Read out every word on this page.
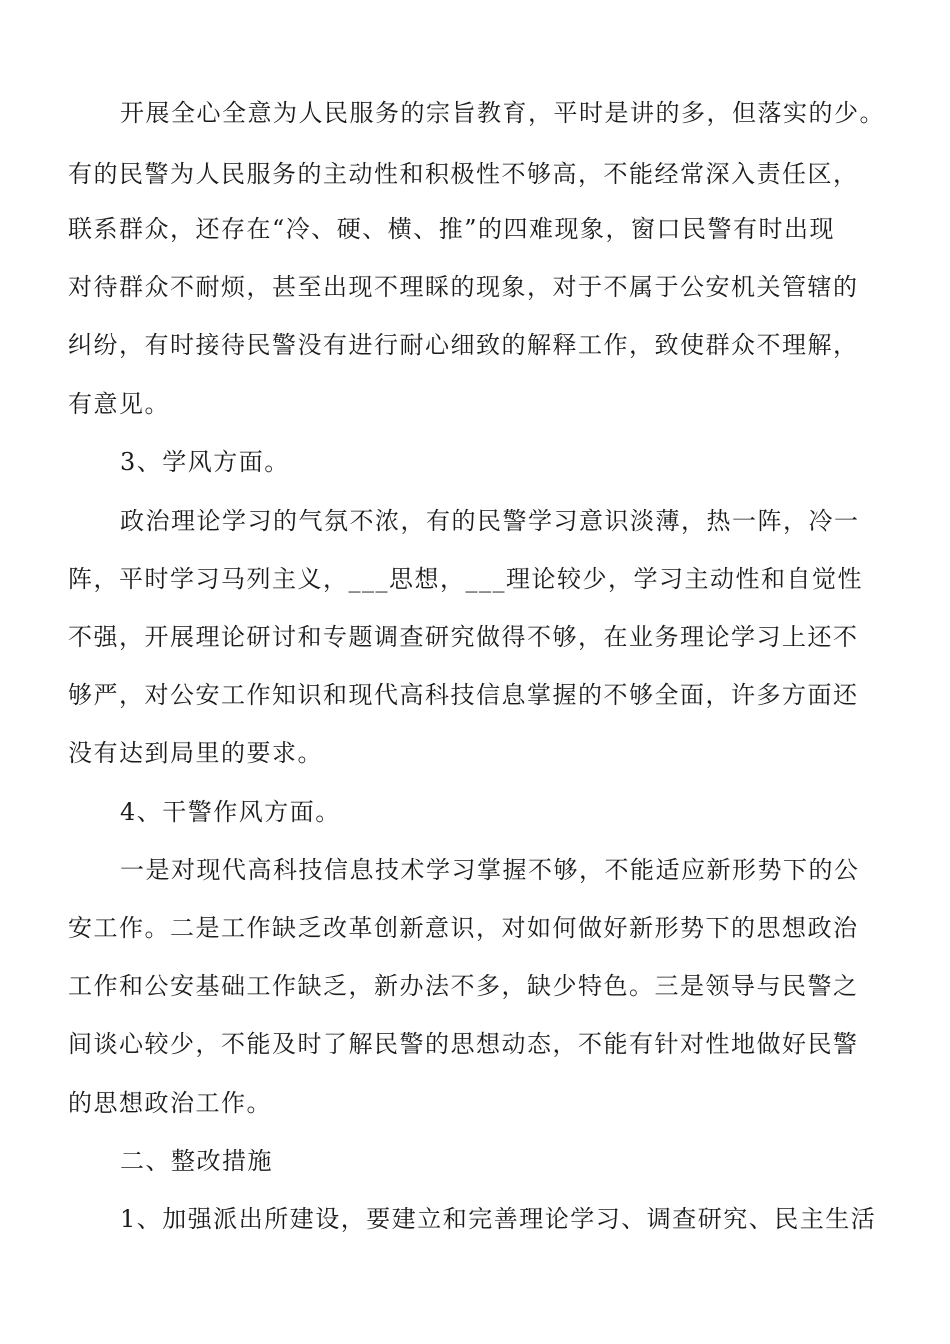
开展全心全意为人民服务的宗旨教育，平时是讲的多，但落实的少。

有的民警为人民服务的主动性和积极性不够高，不能经常深入责任区，

联系群众，还存在“冷、硬、横、推”的四难现象，窗口民警有时出现

对待群众不耐烦，甚至出现不理睬的现象，对于不属于公安机关管辖的

纠纷，有时接待民警没有进行耐心细致的解释工作，致使群众不理解，

有意见。

3、学风方面。

政治理论学习的气氛不浓，有的民警学习意识淡薄，热一阵，冷一

阵，平时学习马列主义，___思想，___理论较少，学习主动性和自觉性

不强，开展理论研讨和专题调查研究做得不够，在业务理论学习上还不

够严，对公安工作知识和现代高科技信息掌握的不够全面，许多方面还

没有达到局里的要求。

4、干警作风方面。

一是对现代高科技信息技术学习掌握不够，不能适应新形势下的公

安工作。二是工作缺乏改革创新意识，对如何做好新形势下的思想政治

工作和公安基础工作缺乏，新办法不多，缺少特色。三是领导与民警之

间谈心较少，不能及时了解民警的思想动态，不能有针对性地做好民警

的思想政治工作。

二、整改措施

1、加强派出所建设，要建立和完善理论学习、调查研究、民主生活
